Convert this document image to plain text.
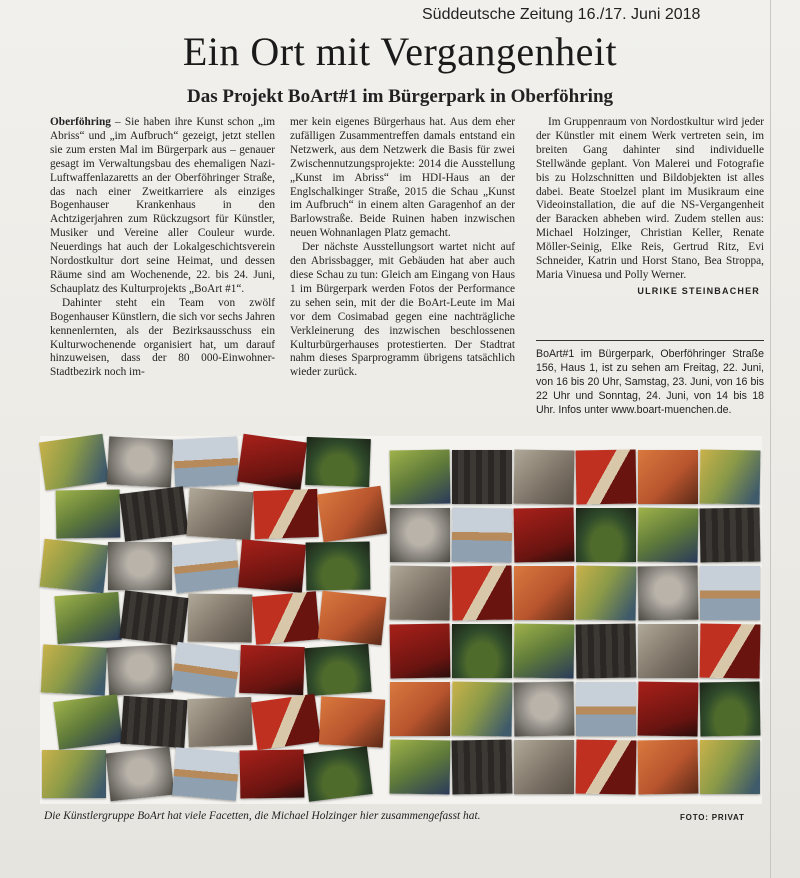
Süddeutsche Zeitung 16./17. Juni 2018
Ein Ort mit Vergangenheit
Das Projekt BoArt#1 im Bürgerpark in Oberföhring

Oberföhring – Sie haben ihre Kunst schon „im Abriss“ und „im Aufbruch“ gezeigt, jetzt stellen sie zum ersten Mal im Bürgerpark aus – genauer gesagt im Verwaltungsbau des ehemaligen Nazi-Luftwaffenlazaretts an der Oberföhringer Straße, das nach einer Zweitkarriere als einziges Bogenhauser Krankenhaus in den Achtzigerjahren zum Rückzugsort für Künstler, Musiker und Vereine aller Couleur wurde. Neuerdings hat auch der Lokalgeschichtsverein Nordostkultur dort seine Heimat, und dessen Räume sind am Wochenende, 22. bis 24. Juni, Schauplatz des Kulturprojekts „BoArt #1“.

Dahinter steht ein Team von zwölf Bogenhauser Künstlern, die sich vor sechs Jahren kennenlernten, als der Bezirksausschuss ein Kulturwochenende organisiert hat, um darauf hinzuweisen, dass der 80 000-Einwohner-Stadtbezirk noch im-

mer kein eigenes Bürgerhaus hat. Aus dem eher zufälligen Zusammentreffen damals entstand ein Netzwerk, aus dem Netzwerk die Basis für zwei Zwischennutzungsprojekte: 2014 die Ausstellung „Kunst im Abriss“ im HDI-Haus an der Englschalkinger Straße, 2015 die Schau „Kunst im Aufbruch“ in einem alten Garagenhof an der Barlowstraße. Beide Ruinen haben inzwischen neuen Wohnanlagen Platz gemacht.

Der nächste Ausstellungsort wartet nicht auf den Abrissbagger, mit Gebäuden hat aber auch diese Schau zu tun: Gleich am Eingang von Haus 1 im Bürgerpark werden Fotos der Performance zu sehen sein, mit der die BoArt-Leute im Mai vor dem Cosimabad gegen eine nachträgliche Verkleinerung des inzwischen beschlossenen Kulturbürgerhauses protestierten. Der Stadtrat nahm dieses Sparprogramm übrigens tatsächlich wieder zurück.

Im Gruppenraum von Nordostkultur wird jeder der Künstler mit einem Werk vertreten sein, im breiten Gang dahinter sind individuelle Stellwände geplant. Von Malerei und Fotografie bis zu Holzschnitten und Bildobjekten ist alles dabei. Beate Stoelzel plant im Musikraum eine Videoinstallation, die auf die NS-Vergangenheit der Baracken abheben wird. Zudem stellen aus: Michael Holzinger, Christian Keller, Renate Möller-Seinig, Elke Reis, Gertrud Ritz, Evi Schneider, Katrin und Horst Stano, Bea Stroppa, Maria Vinuesa und Polly Werner.

ULRIKE STEINBACHER
BoArt#1 im Bürgerpark, Oberföhringer Straße 156, Haus 1, ist zu sehen am Freitag, 22. Juni, von 16 bis 20 Uhr, Samstag, 23. Juni, von 16 bis 22 Uhr und Sonntag, 24. Juni, von 14 bis 18 Uhr. Infos unter www.boart-muenchen.de.
Die Künstlergruppe BoArt hat viele Facetten, die Michael Holzinger hier zusammengefasst hat.	FOTO: PRIVAT
